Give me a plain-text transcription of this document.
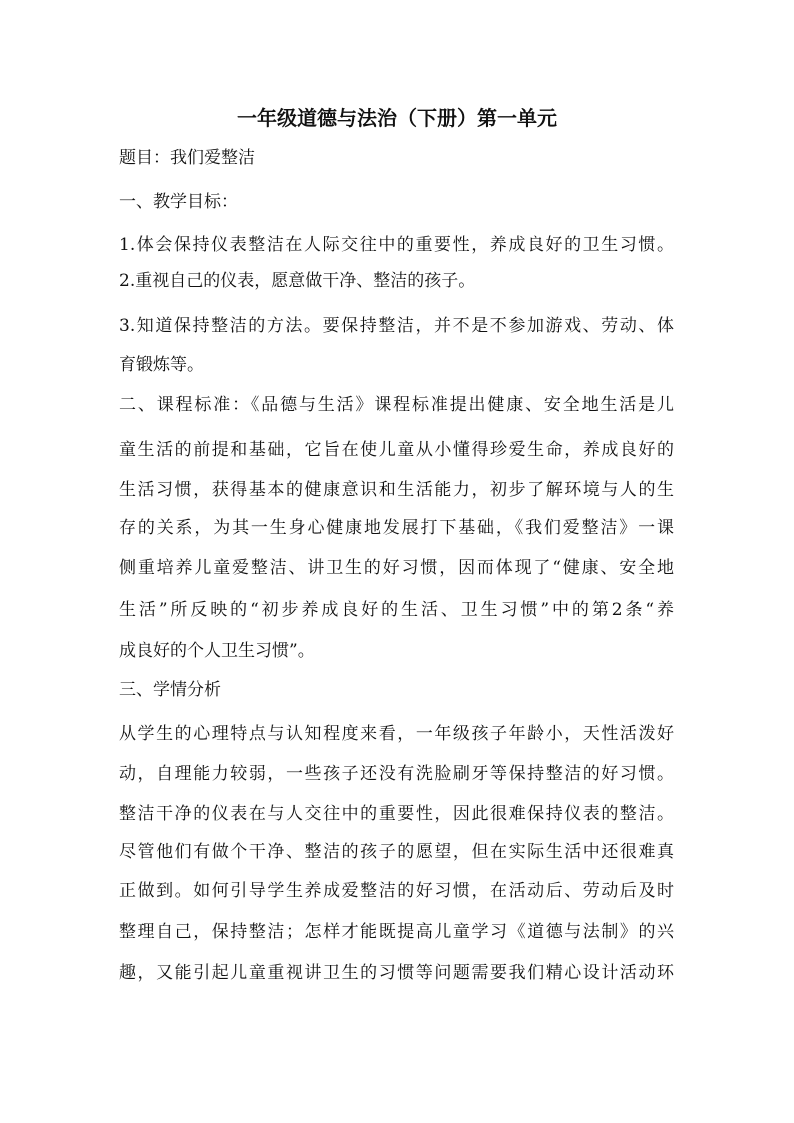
一年级道德与法治（下册）第一单元
题目：我们爱整洁
一、教学目标：
1.体会保持仪表整洁在人际交往中的重要性，养成良好的卫生习惯。
2.重视自己的仪表，愿意做干净、整洁的孩子。
3.知道保持整洁的方法。要保持整洁，并不是不参加游戏、劳动、体
育锻炼等。
二、课程标准：《品德与生活》课程标准提出健康、安全地生活是儿
童生活的前提和基础，它旨在使儿童从小懂得珍爱生命，养成良好的
生活习惯，获得基本的健康意识和生活能力，初步了解环境与人的生
存的关系，为其一生身心健康地发展打下基础，《我们爱整洁》一课
侧重培养儿童爱整洁、讲卫生的好习惯，因而体现了“健康、安全地
生活”所反映的“初步养成良好的生活、卫生习惯”中的第2条“养
成良好的个人卫生习惯”。
三、学情分析
从学生的心理特点与认知程度来看，一年级孩子年龄小，天性活泼好
动，自理能力较弱，一些孩子还没有洗脸刷牙等保持整洁的好习惯。
整洁干净的仪表在与人交往中的重要性，因此很难保持仪表的整洁。
尽管他们有做个干净、整洁的孩子的愿望，但在实际生活中还很难真
正做到。如何引导学生养成爱整洁的好习惯，在活动后、劳动后及时
整理自己，保持整洁；怎样才能既提高儿童学习《道德与法制》的兴
趣，又能引起儿童重视讲卫生的习惯等问题需要我们精心设计活动环
